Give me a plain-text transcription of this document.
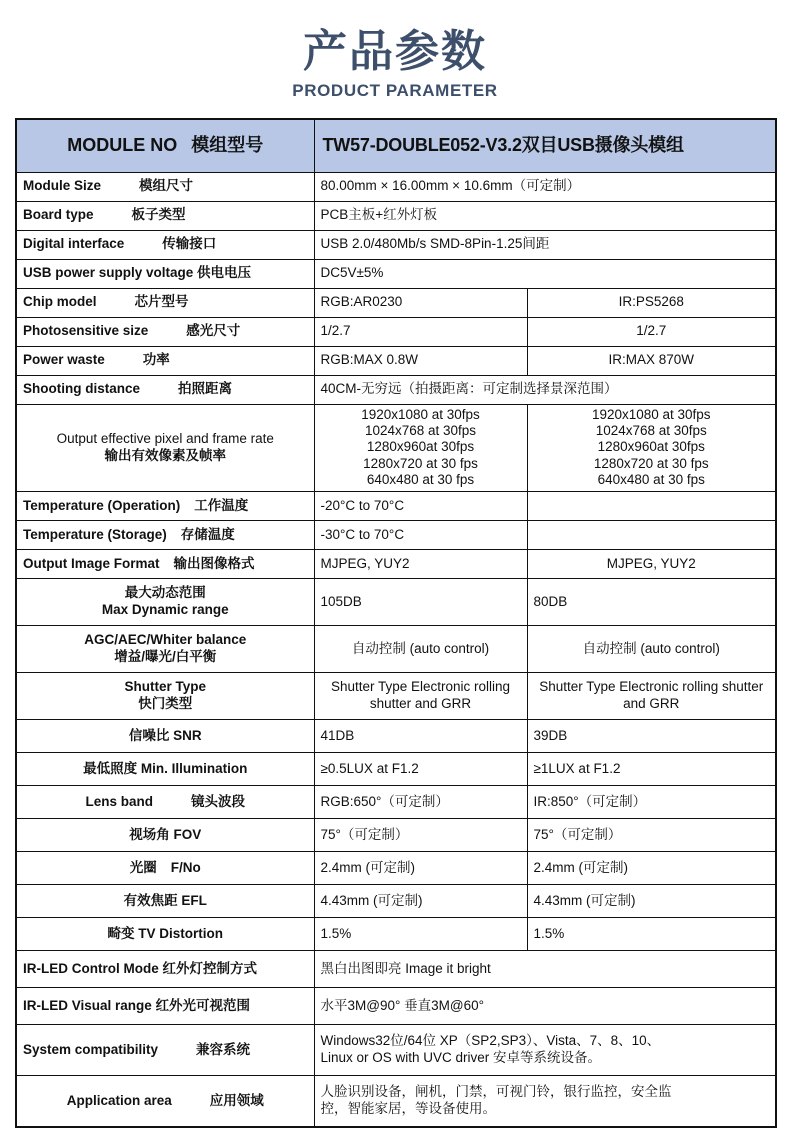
产品参数
PRODUCT PARAMETER
MODULE NO 模组型号	TW57-DOUBLE052-V3.2双目USB摄像头模组	
Module Size 模组尺寸	80.00mm × 16.00mm × 10.6mm（可定制）	
Board type 板子类型	PCB主板+红外灯板	
Digital interface 传输接口	USB 2.0/480Mb/s SMD-8Pin-1.25间距	
USB power supply voltage 供电电压	DC5V±5%	
Chip model 芯片型号	RGB:AR0230	IR:PS5268
Photosensitive size 感光尺寸	1/2.7	1/2.7
Power waste 功率	RGB:MAX 0.8W	IR:MAX 870W
Shooting distance 拍照距离	40CM-无穷远（拍摄距离：可定制选择景深范围）	

Output effective pixel and frame rate
输出有效像素及帧率	1920x1080 at 30fps
1024x768 at 30fps
1280x960at 30fps
1280x720 at 30 fps
640x480 at 30 fps	1920x1080 at 30fps
1024x768 at 30fps
1280x960at 30fps
1280x720 at 30 fps
640x480 at 30 fps

Temperature (Operation) 工作温度	-20°C to 70°C	
Temperature (Storage) 存储温度	-30°C to 70°C	
Output Image Format 输出图像格式	MJPEG, YUY2	MJPEG, YUY2

最大动态范围
Max Dynamic range	105DB	80DB

AGC/AEC/Whiter balance
增益/曝光/白平衡	自动控制 (auto control)	自动控制 (auto control)

Shutter Type
快门类型	Shutter Type Electronic rolling shutter and GRR	Shutter Type Electronic rolling shutter and GRR
信噪比 SNR	41DB	39DB
最低照度 Min. Illumination	≥0.5LUX at F1.2	≥1LUX at F1.2
Lens band 镜头波段	RGB:650°（可定制）	IR:850°（可定制）
视场角 FOV	75°（可定制）	75°（可定制）
光圈 F/No	2.4mm (可定制)	2.4mm (可定制)
有效焦距 EFL	4.43mm (可定制)	4.43mm (可定制)
畸变 TV Distortion	1.5%	1.5%
IR-LED Control Mode 红外灯控制方式	黑白出图即亮 Image it bright	
IR-LED Visual range 红外光可视范围	水平3M@90° 垂直3M@60°	
System compatibility 兼容系统	Windows32位/64位 XP（SP2,SP3）、Vista、7、8、10、
Linux or OS with UVC driver 安卓等系统设备。	

Application area 应用领域	人脸识别设备，闸机，门禁，可视门铃，银行监控，安全监
控，智能家居，等设备使用。	
